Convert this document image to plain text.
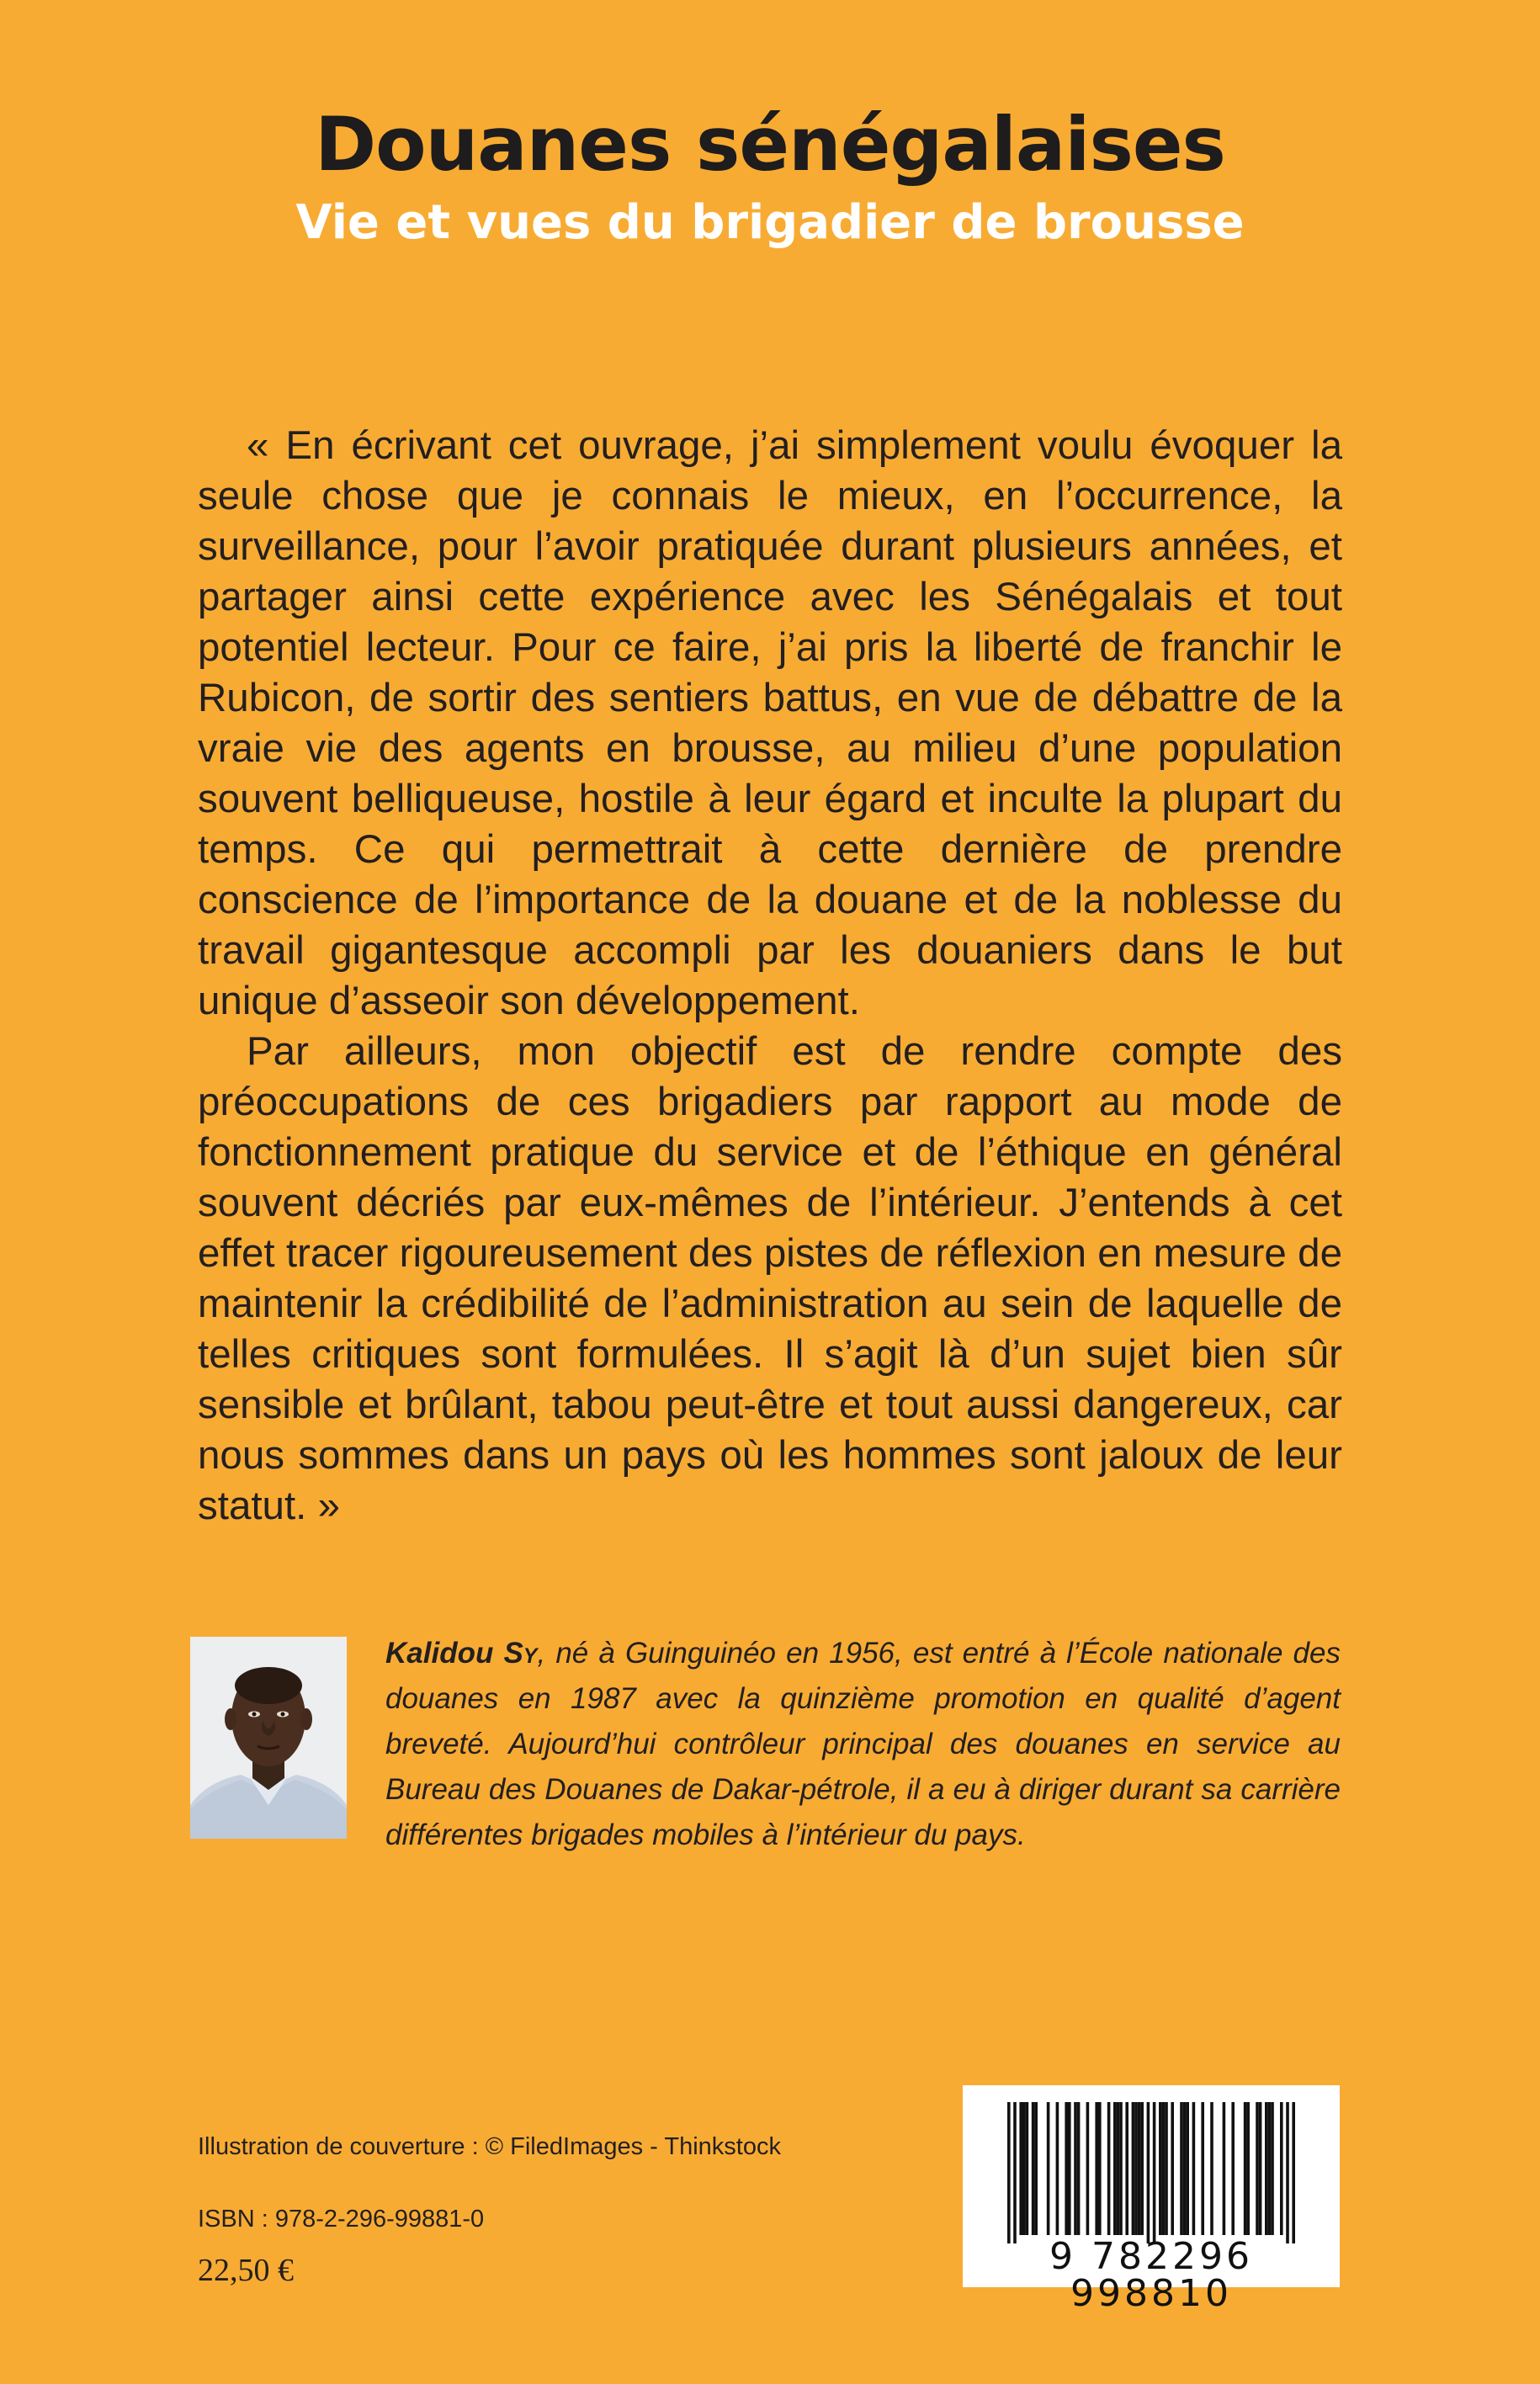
Douanes sénégalaises
Vie et vues du brigadier de brousse

« En écrivant cet ouvrage, j’ai simplement voulu évoquer la seule chose que je connais le mieux, en l’occurrence, la surveillance, pour l’avoir pratiquée durant plusieurs années, et partager ainsi cette expérience avec les Sénégalais et tout potentiel lecteur. Pour ce faire, j’ai pris la liberté de franchir le Rubicon, de sortir des sentiers battus, en vue de débattre de la vraie vie des agents en brousse, au milieu d’une population souvent belliqueuse, hostile à leur égard et inculte la plupart du temps. Ce qui permettrait à cette dernière de prendre conscience de l’importance de la douane et de la noblesse du travail gigantesque accompli par les douaniers dans le but unique d’asseoir son développement.

Par ailleurs, mon objectif est de rendre compte des préoccupations de ces brigadiers par rapport au mode de fonctionnement pratique du service et de l’éthique en général souvent décriés par eux-mêmes de l’intérieur. J’entends à cet effet tracer rigoureusement des pistes de réflexion en mesure de maintenir la crédibilité de l’administration au sein de laquelle de telles critiques sont formulées. Il s’agit là d’un sujet bien sûr sensible et brûlant, tabou peut-être et tout aussi dangereux, car nous sommes dans un pays où les hommes sont jaloux de leur statut. »

Kalidou Sy, né à Guinguinéo en 1956, est entré à l’École nationale des douanes en 1987 avec la quinzième promotion en qualité d’agent breveté. Aujourd’hui contrôleur principal des douanes en service au Bureau des Douanes de Dakar-pétrole, il a eu à diriger durant sa carrière différentes brigades mobiles à l’intérieur du pays.
Illustration de couverture : © FiledImages - Thinkstock
ISBN : 978-2-296-99881-0
22,50 €	9 782296 998810
